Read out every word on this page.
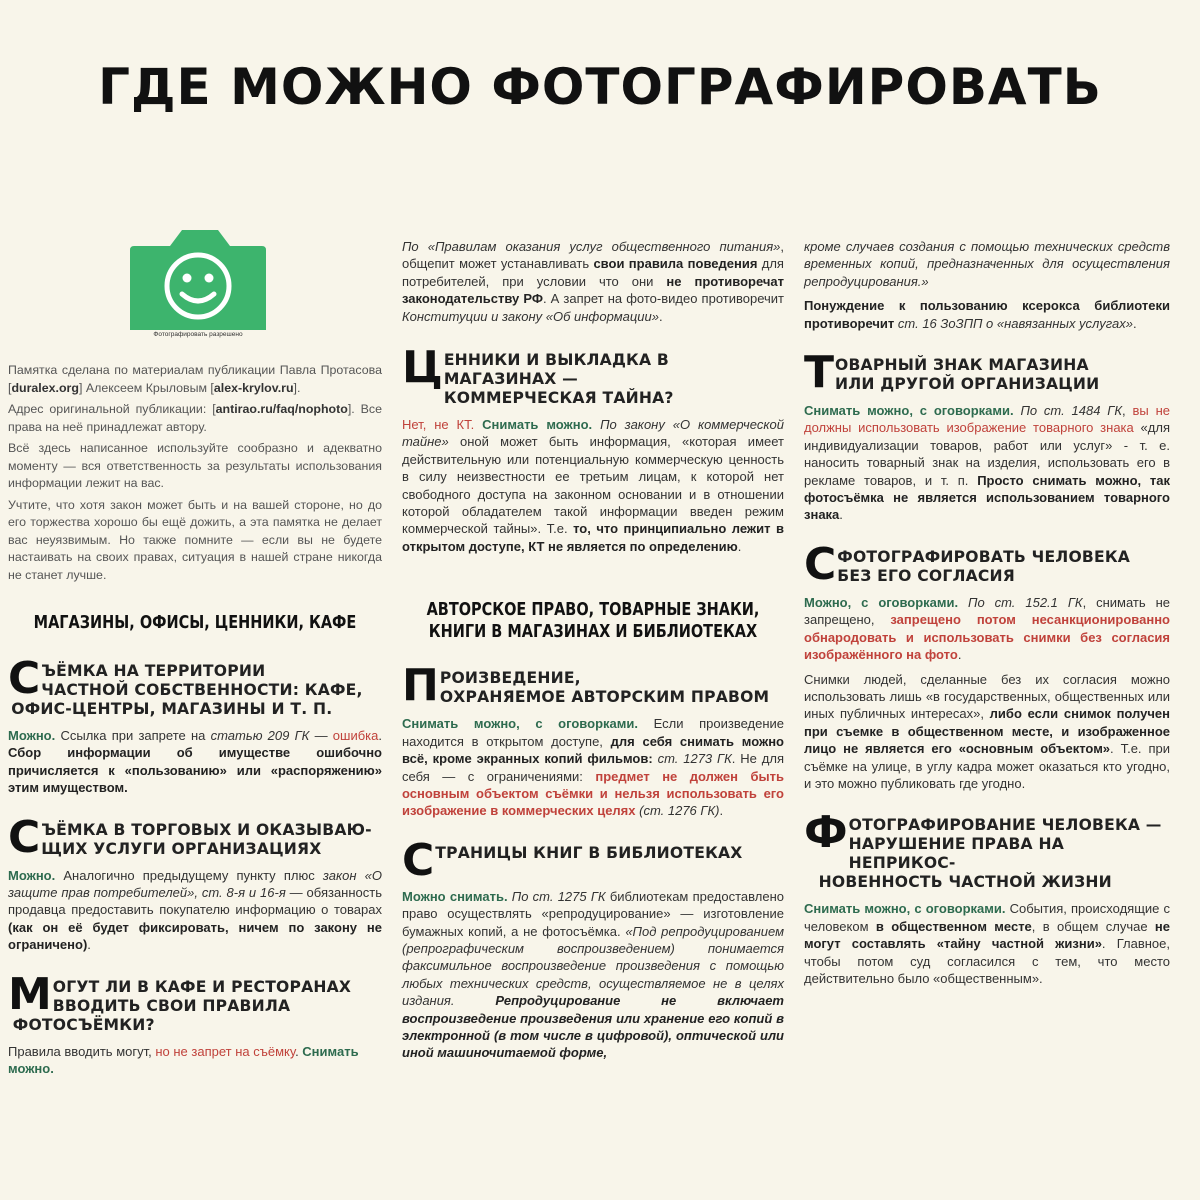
ГДЕ МОЖНО ФОТОГРАФИРОВАТЬ
Фотографировать разрешено

Памятка сделана по материалам публикации Павла Протасова [duralex.org] Алексеем Крыловым [alex-krylov.ru].

Адрес оригинальной публикации: [antirao.ru/faq/nophoto]. Все права на неё принадлежат автору.

Всё здесь написанное используйте сообразно и адекватно моменту — вся ответственность за результаты использования информации лежит на вас.

Учтите, что хотя закон может быть и на вашей стороне, но до его торжества хорошо бы ещё дожить, а эта памятка не делает вас неуязвимым. Но также помните — если вы не будете настаивать на своих правах, ситуация в нашей стране никогда не станет лучше.

МАГАЗИНЫ, ОФИСЫ, ЦЕННИКИ, КАФЕ
С ЪЁМКА НА ТЕРРИТОРИИ
ЧАСТНОЙ СОБСТВЕННОСТИ: КАФЕ,
ОФИС-ЦЕНТРЫ, МАГАЗИНЫ И Т. П.

Можно. Ссылка при запрете на статью 209 ГК — ошибка. Сбор информации об имуществе ошибочно причисляется к «пользованию» или «распоряжению» этим имуществом.

С ЪЁМКА В ТОРГОВЫХ И ОКАЗЫВАЮ-
ЩИХ УСЛУГИ ОРГАНИЗАЦИЯХ

Можно. Аналогично предыдущему пункту плюс закон «О защите прав потребителей», ст. 8-я и 16-я — обязанность продавца предоставить покупателю информацию о товарах (как он её будет фиксировать, ничем по закону не ограничено).

М ОГУТ ЛИ В КАФЕ И РЕСТОРАНАХ
ВВОДИТЬ СВОИ ПРАВИЛА
ФОТОСЪЁМКИ?

Правила вводить могут, но не запрет на съёмку. Снимать можно.

По «Правилам оказания услуг общественного питания», общепит может устанавливать свои правила поведения для потребителей, при условии что они не противоречат законодательству РФ. А запрет на фото-видео противоречит Конституции и закону «Об информации».

Ц ЕННИКИ И ВЫКЛАДКА В МАГАЗИНАХ —
КОММЕРЧЕСКАЯ ТАЙНА?

Нет, не КТ. Снимать можно. По закону «О коммерческой тайне» оной может быть информация, «которая имеет действительную или потенциальную коммерческую ценность в силу неизвестности ее третьим лицам, к которой нет свободного доступа на законном основании и в отношении которой обладателем такой информации введен режим коммерческой тайны». Т.е. то, что принципиально лежит в открытом доступе, КТ не является по определению.

АВТОРСКОЕ ПРАВО, ТОВАРНЫЕ ЗНАКИ,
КНИГИ В МАГАЗИНАХ И БИБЛИОТЕКАХ
П РОИЗВЕДЕНИЕ,
ОХРАНЯЕМОЕ АВТОРСКИМ ПРАВОМ

Снимать можно, с оговорками. Если произведение находится в открытом доступе, для себя снимать можно всё, кроме экранных копий фильмов: ст. 1273 ГК. Не для себя — с ограничениями: предмет не должен быть основным объектом съёмки и нельзя использовать его изображение в коммерческих целях (ст. 1276 ГК).

С ТРАНИЦЫ КНИГ В БИБЛИОТЕКАХ

Можно снимать. По ст. 1275 ГК библиотекам предоставлено право осуществлять «репродуцирование» — изготовление бумажных копий, а не фотосъёмка. «Под репродуцированием (репрографическим воспроизведением) понимается факсимильное воспроизведение произведения с помощью любых технических средств, осуществляемое не в целях издания. Репродуцирование не включает воспроизведение произведения или хранение его копий в электронной (в том числе в цифровой), оптической или иной машиночитаемой форме,

кроме случаев создания с помощью технических средств временных копий, предназначенных для осуществления репродуцирования.»

Понуждение к пользованию ксерокса библиотеки противоречит ст. 16 ЗоЗПП о «навязанных услугах».

Т ОВАРНЫЙ ЗНАК МАГАЗИНА
ИЛИ ДРУГОЙ ОРГАНИЗАЦИИ

Снимать можно, с оговорками. По ст. 1484 ГК, вы не должны использовать изображение товарного знака «для индивидуализации товаров, работ или услуг» - т. е. наносить товарный знак на изделия, использовать его в рекламе товаров, и т. п. Просто снимать можно, так фотосъёмка не является использованием товарного знака.

С ФОТОГРАФИРОВАТЬ ЧЕЛОВЕКА
БЕЗ ЕГО СОГЛАСИЯ

Можно, с оговорками. По ст. 152.1 ГК, снимать не запрещено, запрещено потом несанкционированно обнародовать и использовать снимки без согласия изображённого на фото.

Снимки людей, сделанные без их согласия можно использовать лишь «в государственных, общественных или иных публичных интересах», либо если снимок получен при съемке в общественном месте, и изображенное лицо не является его «основным объектом». Т.е. при съёмке на улице, в углу кадра может оказаться кто угодно, и это можно публиковать где угодно.

Ф ОТОГРАФИРОВАНИЕ ЧЕЛОВЕКА —
НАРУШЕНИЕ ПРАВА НА НЕПРИКОС-
НОВЕННОСТЬ ЧАСТНОЙ ЖИЗНИ

Снимать можно, с оговорками. События, происходящие с человеком в общественном месте, в общем случае не могут составлять «тайну частной жизни». Главное, чтобы потом суд согласился с тем, что место действительно было «общественным».
